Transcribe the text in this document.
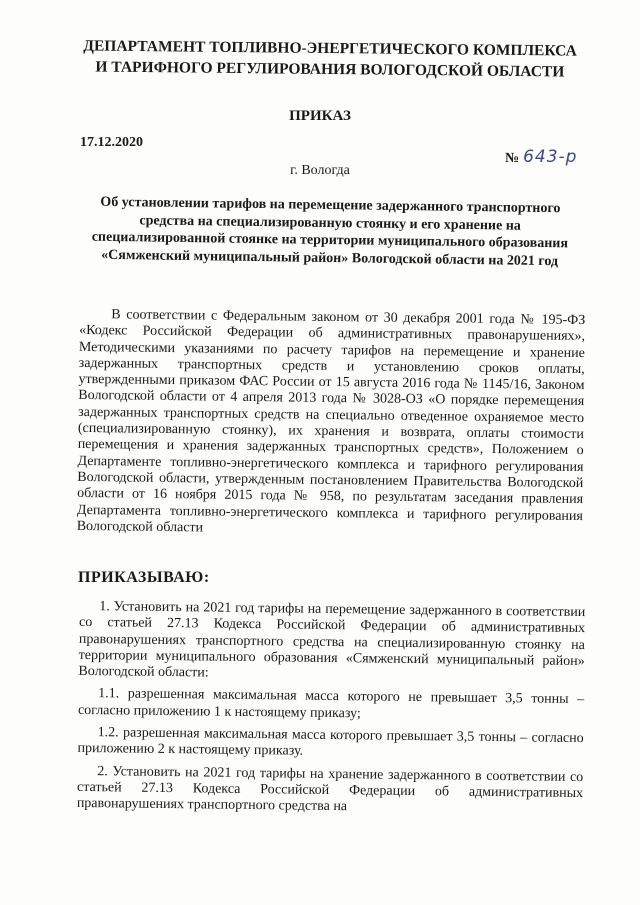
ДЕПАРТАМЕНТ ТОПЛИВНО-ЭНЕРГЕТИЧЕСКОГО КОМПЛЕКСА
И ТАРИФНОГО РЕГУЛИРОВАНИЯ ВОЛОГОДСКОЙ ОБЛАСТИ
ПРИКАЗ
17.12.2020
№ 643-р
г. Вологда
Об установлении тарифов на перемещение задержанного транспортного средства на специализированную стоянку и его хранение на специализированной стоянке на территории муниципального образования «Сямженский муниципальный район» Вологодской области на 2021 год

В соответствии с Федеральным законом от 30 декабря 2001 года № 195-ФЗ «Кодекс Российской Федерации об административных правонарушениях», Методическими указаниями по расчету тарифов на перемещение и хранение задержанных транспортных средств и установлению сроков оплаты, утвержденными приказом ФАС России от 15 августа 2016 года № 1145/16, Законом Вологодской области от 4 апреля 2013 года № 3028-ОЗ «О порядке перемещения задержанных транспортных средств на специально отведенное охраняемое место (специализированную стоянку), их хранения и возврата, оплаты стоимости перемещения и хранения задержанных транспортных средств», Положением о Департаменте топливно-энергетического комплекса и тарифного регулирования Вологодской области, утвержденным постановлением Правительства Вологодской области от 16 ноября 2015 года № 958, по результатам заседания правления Департамента топливно-энергетического комплекса и тарифного регулирования Вологодской области

ПРИКАЗЫВАЮ:

1. Установить на 2021 год тарифы на перемещение задержанного в соответствии со статьей 27.13 Кодекса Российской Федерации об административных правонарушениях транспортного средства на специализированную стоянку на территории муниципального образования «Сямженский муниципальный район» Вологодской области:

1.1. разрешенная максимальная масса которого не превышает 3,5 тонны – согласно приложению 1 к настоящему приказу;

1.2. разрешенная максимальная масса которого превышает 3,5 тонны – согласно приложению 2 к настоящему приказу.

2. Установить на 2021 год тарифы на хранение задержанного в соответствии со статьей 27.13 Кодекса Российской Федерации об административных правонарушениях транспортного средства на
